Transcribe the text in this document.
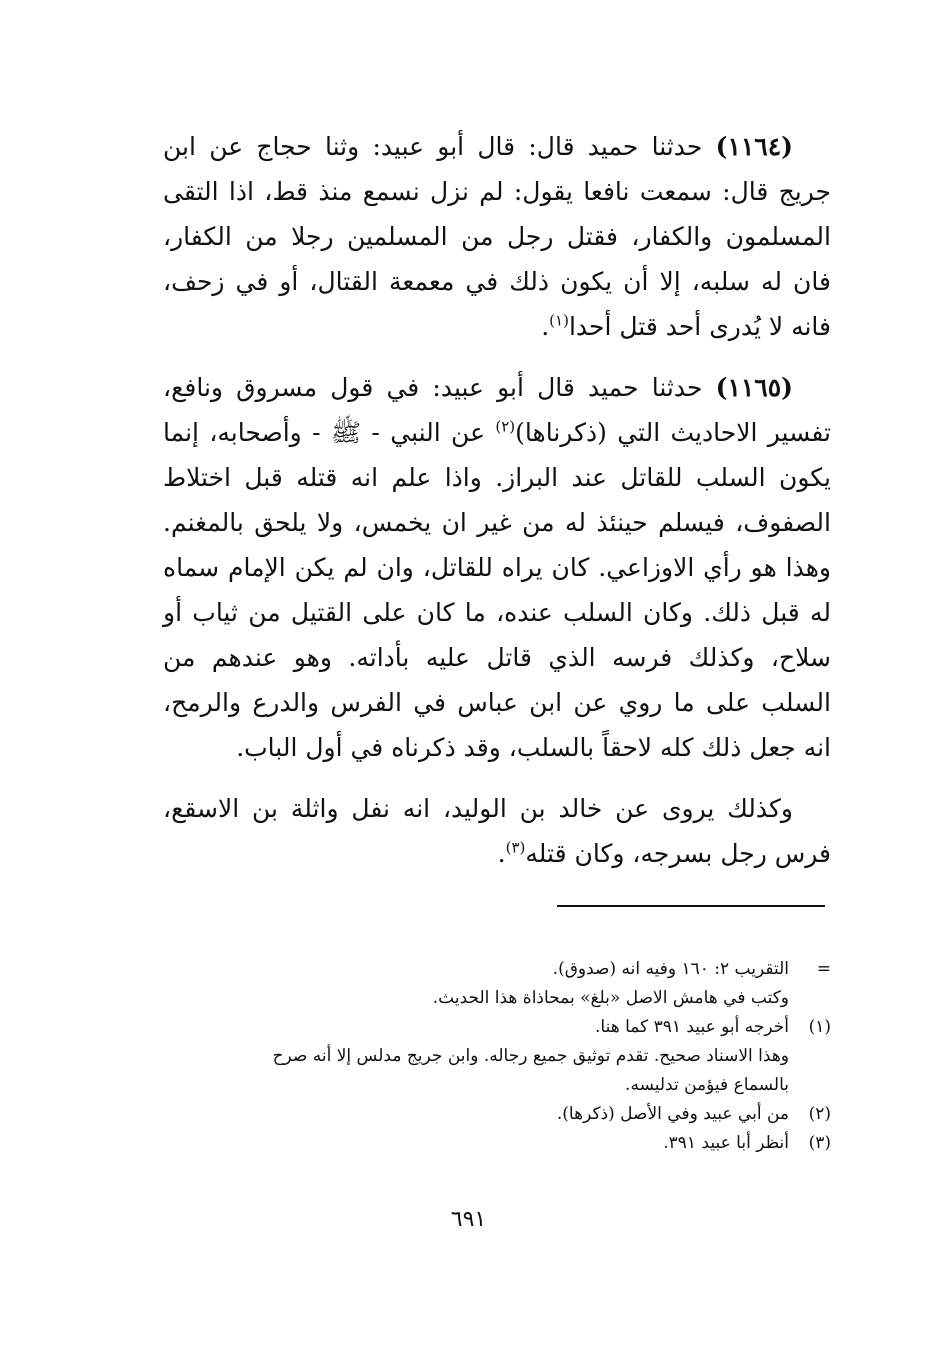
(١١٦٤) حدثنا حميد قال: قال أبو عبيد: وثنا حجاج عن ابن جريج قال: سمعت نافعا يقول: لم نزل نسمع منذ قط، اذا التقى المسلمون والكفار، فقتل رجل من المسلمين رجلا من الكفار، فان له سلبه، إلا أن يكون ذلك في معمعة القتال، أو في زحف، فانه لا يُدرى أحد قتل أحدا$^{(١)}$.

(١١٦٥) حدثنا حميد قال أبو عبيد: في قول مسروق ونافع، تفسير الاحاديث التي (ذكرناها)$^{(٢)}$ عن النبي - ﷺ - وأصحابه، إنما يكون السلب للقاتل عند البراز. واذا علم انه قتله قبل اختلاط الصفوف، فيسلم حينئذ له من غير ان يخمس، ولا يلحق بالمغنم. وهذا هو رأي الاوزاعي. كان يراه للقاتل، وان لم يكن الإمام سماه له قبل ذلك. وكان السلب عنده، ما كان على القتيل من ثياب أو سلاح، وكذلك فرسه الذي قاتل عليه بأداته. وهو عندهم من السلب على ما روي عن ابن عباس في الفرس والدرع والرمح، انه جعل ذلك كله لاحقاً بالسلب، وقد ذكرناه في أول الباب.

وكذلك يروى عن خالد بن الوليد، انه نفل واثلة بن الاسقع، فرس رجل بسرجه، وكان قتله$^{(٣)}$.

=
التقريب ٢: ١٦٠ وفيه انه (صدوق).
وكتب في هامش الاصل «بلغ» بمحاذاة هذا الحديث.
(١)
أخرجه أبو عبيد ٣٩١ كما هنا.
وهذا الاسناد صحيح. تقدم توثيق جميع رجاله. وابن جريج مدلس إلا أنه صرح
بالسماع فيؤمن تدليسه.
(٢)
من أبي عبيد وفي الأصل (ذكرها).
(٣)
أنظر أبا عبيد ٣٩١.
٦٩١
